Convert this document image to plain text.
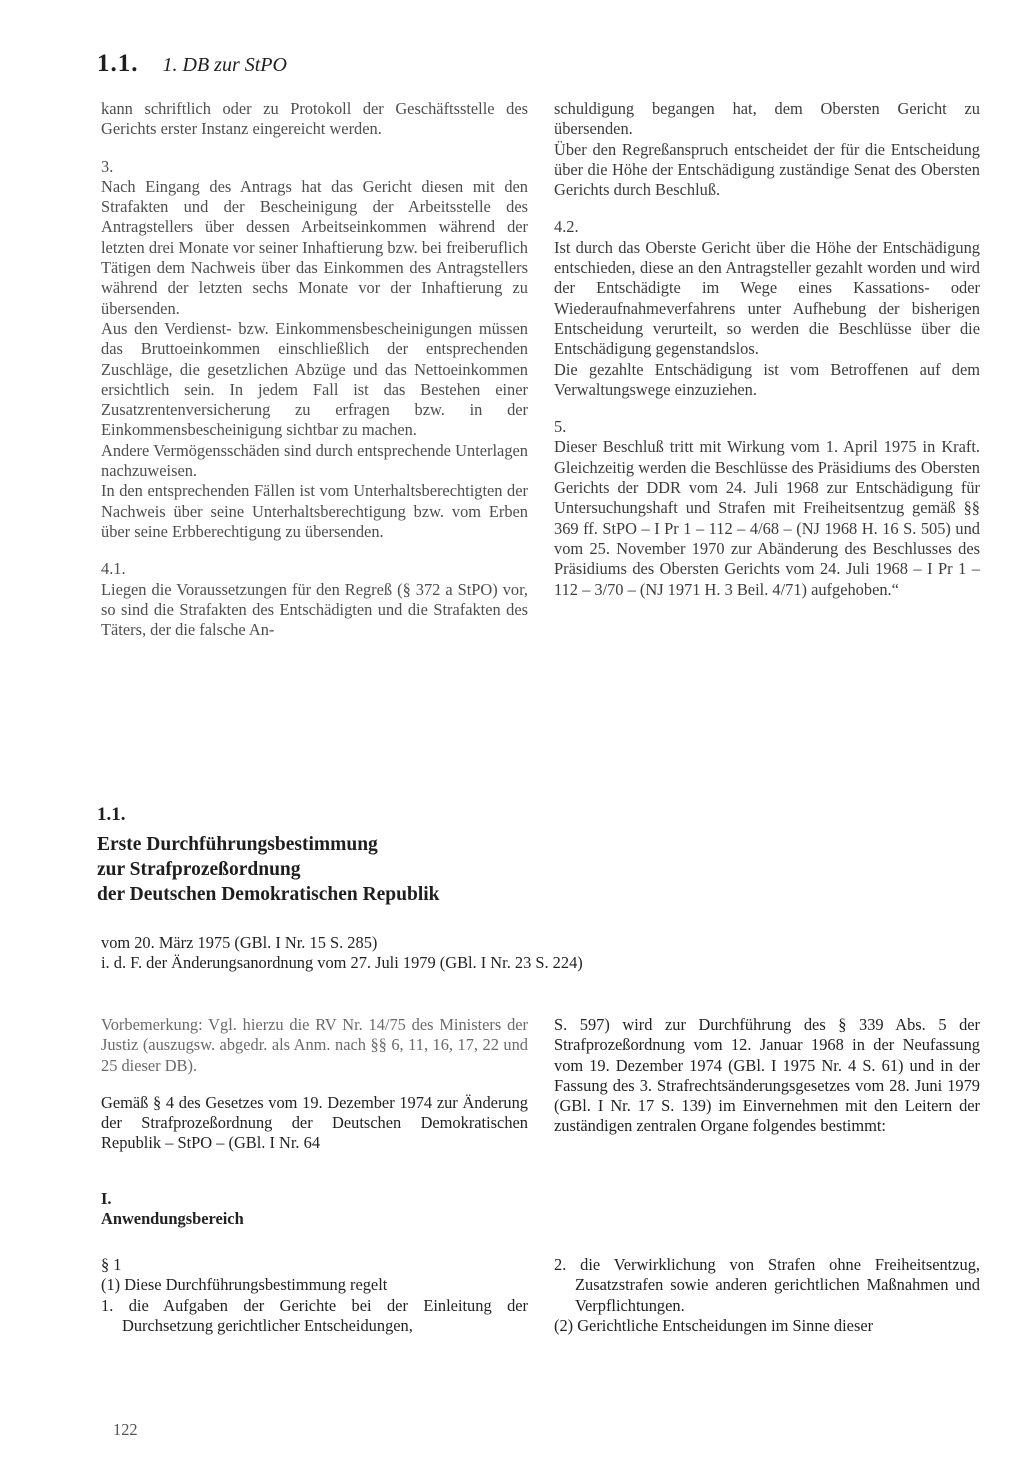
1.1. 1. DB zur StPO

kann schriftlich oder zu Protokoll der Geschäftsstelle des Gerichts erster Instanz eingereicht werden.

3.

Nach Eingang des Antrags hat das Gericht diesen mit den Strafakten und der Bescheinigung der Arbeitsstelle des Antragstellers über dessen Arbeitseinkommen während der letzten drei Monate vor seiner Inhaftierung bzw. bei freiberuflich Tätigen dem Nachweis über das Einkommen des Antragstellers während der letzten sechs Monate vor der Inhaftierung zu übersenden.

Aus den Verdienst- bzw. Einkommensbescheinigungen müssen das Bruttoeinkommen einschließlich der entsprechenden Zuschläge, die gesetzlichen Abzüge und das Nettoeinkommen ersichtlich sein. In jedem Fall ist das Bestehen einer Zusatzrentenversicherung zu erfragen bzw. in der Einkommensbescheinigung sichtbar zu machen.

Andere Vermögensschäden sind durch entsprechende Unterlagen nachzuweisen.

In den entsprechenden Fällen ist vom Unterhaltsberechtigten der Nachweis über seine Unterhaltsberechtigung bzw. vom Erben über seine Erbberechtigung zu übersenden.

4.1.

Liegen die Voraussetzungen für den Regreß (§ 372 a StPO) vor, so sind die Strafakten des Entschädigten und die Strafakten des Täters, der die falsche An-

schuldigung begangen hat, dem Obersten Gericht zu übersenden.

Über den Regreßanspruch entscheidet der für die Entscheidung über die Höhe der Entschädigung zuständige Senat des Obersten Gerichts durch Beschluß.

4.2.

Ist durch das Oberste Gericht über die Höhe der Entschädigung entschieden, diese an den Antragsteller gezahlt worden und wird der Entschädigte im Wege eines Kassations- oder Wiederaufnahmeverfahrens unter Aufhebung der bisherigen Entscheidung verurteilt, so werden die Beschlüsse über die Entschädigung gegenstandslos.

Die gezahlte Entschädigung ist vom Betroffenen auf dem Verwaltungswege einzuziehen.

5.

Dieser Beschluß tritt mit Wirkung vom 1. April 1975 in Kraft. Gleichzeitig werden die Beschlüsse des Präsidiums des Obersten Gerichts der DDR vom 24. Juli 1968 zur Entschädigung für Untersuchungshaft und Strafen mit Freiheitsentzug gemäß §§ 369 ff. StPO – I Pr 1 – 112 – 4/68 – (NJ 1968 H. 16 S. 505) und vom 25. November 1970 zur Abänderung des Beschlusses des Präsidiums des Obersten Gerichts vom 24. Juli 1968 – I Pr 1 – 112 – 3/70 – (NJ 1971 H. 3 Beil. 4/71) aufgehoben.“

1.1.
Erste Durchführungsbestimmung
zur Strafprozeßordnung
der Deutschen Demokratischen Republik

vom 20. März 1975 (GBl. I Nr. 15 S. 285)

i. d. F. der Änderungsanordnung vom 27. Juli 1979 (GBl. I Nr. 23 S. 224)

Vorbemerkung: Vgl. hierzu die RV Nr. 14/75 des Ministers der Justiz (auszugsw. abgedr. als Anm. nach §§ 6, 11, 16, 17, 22 und 25 dieser DB).

Gemäß § 4 des Gesetzes vom 19. Dezember 1974 zur Änderung der Strafprozeßordnung der Deutschen Demokratischen Republik – StPO – (GBl. I Nr. 64

S. 597) wird zur Durchführung des § 339 Abs. 5 der Strafprozeßordnung vom 12. Januar 1968 in der Neufassung vom 19. Dezember 1974 (GBl. I 1975 Nr. 4 S. 61) und in der Fassung des 3. Strafrechtsänderungsgesetzes vom 28. Juni 1979 (GBl. I Nr. 17 S. 139) im Einvernehmen mit den Leitern der zuständigen zentralen Organe folgendes bestimmt:

I.
Anwendungsbereich

§ 1

(1) Diese Durchführungsbestimmung regelt

1. die Aufgaben der Gerichte bei der Einleitung der Durchsetzung gerichtlicher Entscheidungen,

2. die Verwirklichung von Strafen ohne Freiheitsentzug, Zusatzstrafen sowie anderen gerichtlichen Maßnahmen und Verpflichtungen.

(2) Gerichtliche Entscheidungen im Sinne dieser

122
